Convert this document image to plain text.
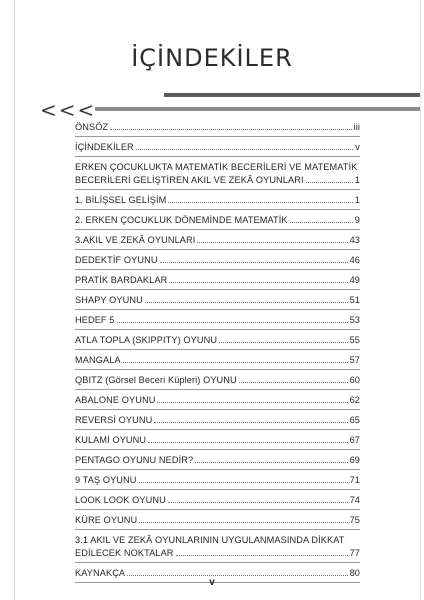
İÇİNDEKİLER
<<<
ÖNSÖZ	iii
İÇİNDEKİLER	v
ERKEN ÇOCUKLUKTA MATEMATİK BECERİLERİ VE MATEMATİK
BECERİLERİ GELİŞTİREN AKIL VE ZEKÂ OYUNLARI	1
1. BİLİŞSEL GELİŞİM	1
2. ERKEN ÇOCUKLUK DÖNEMİNDE MATEMATİK	9
3.AKIL VE ZEKÂ OYUNLARI	43
DEDEKTİF OYUNU	46
PRATİK BARDAKLAR	49
SHAPY OYUNU	51
HEDEF 5	53
ATLA TOPLA (SKIPPITY) OYUNU	55
MANGALA	57
QBITZ (Görsel Beceri Küpleri) OYUNU	60
ABALONE OYUNU	62
REVERSİ OYUNU	65
KULAMİ OYUNU	67
PENTAGO OYUNU NEDİR?	69
9 TAŞ OYUNU	71
LOOK LOOK OYUNU	74
KÜRE OYUNU	75
3.1 AKIL VE ZEKÂ OYUNLARININ UYGULANMASINDA DİKKAT
EDİLECEK NOKTALAR	77
KAYNAKÇA	80
v
